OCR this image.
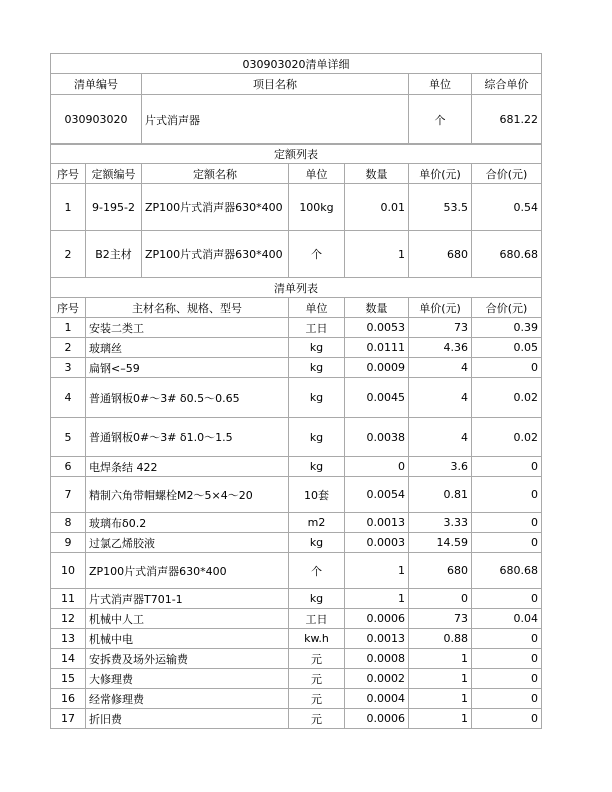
030903020清单详细
清单编号	项目名称	单位	综合单价
030903020	片式消声器	个	681.22
定额列表						
序号	定额编号	定额名称	单位	数量	单价(元)	合价(元)
1	9-195-2	ZP100片式消声器630*400	100kg	0.01	53.5	0.54
2	B2主材	ZP100片式消声器630*400	个	1	680	680.68
清单列表					
序号	主材名称、规格、型号	单位	数量	单价(元)	合价(元)
1	安装二类工	工日	0.0053	73	0.39
2	玻璃丝	kg	0.0111	4.36	0.05
3	扁钢<–59	kg	0.0009	4	0
4	普通钢板0#～3# δ0.5～0.65	kg	0.0045	4	0.02
5	普通钢板0#～3# δ1.0～1.5	kg	0.0038	4	0.02
6	电焊条结 422	kg	0	3.6	0
7	精制六角带帽螺栓M2～5×4～20	10套	0.0054	0.81	0
8	玻璃布δ0.2	m2	0.0013	3.33	0
9	过氯乙烯胶液	kg	0.0003	14.59	0
10	ZP100片式消声器630*400	个	1	680	680.68
11	片式消声器T701-1	kg	1	0	0
12	机械中人工	工日	0.0006	73	0.04
13	机械中电	kw.h	0.0013	0.88	0
14	安拆费及场外运输费	元	0.0008	1	0
15	大修理费	元	0.0002	1	0
16	经常修理费	元	0.0004	1	0
17	折旧费	元	0.0006	1	0
